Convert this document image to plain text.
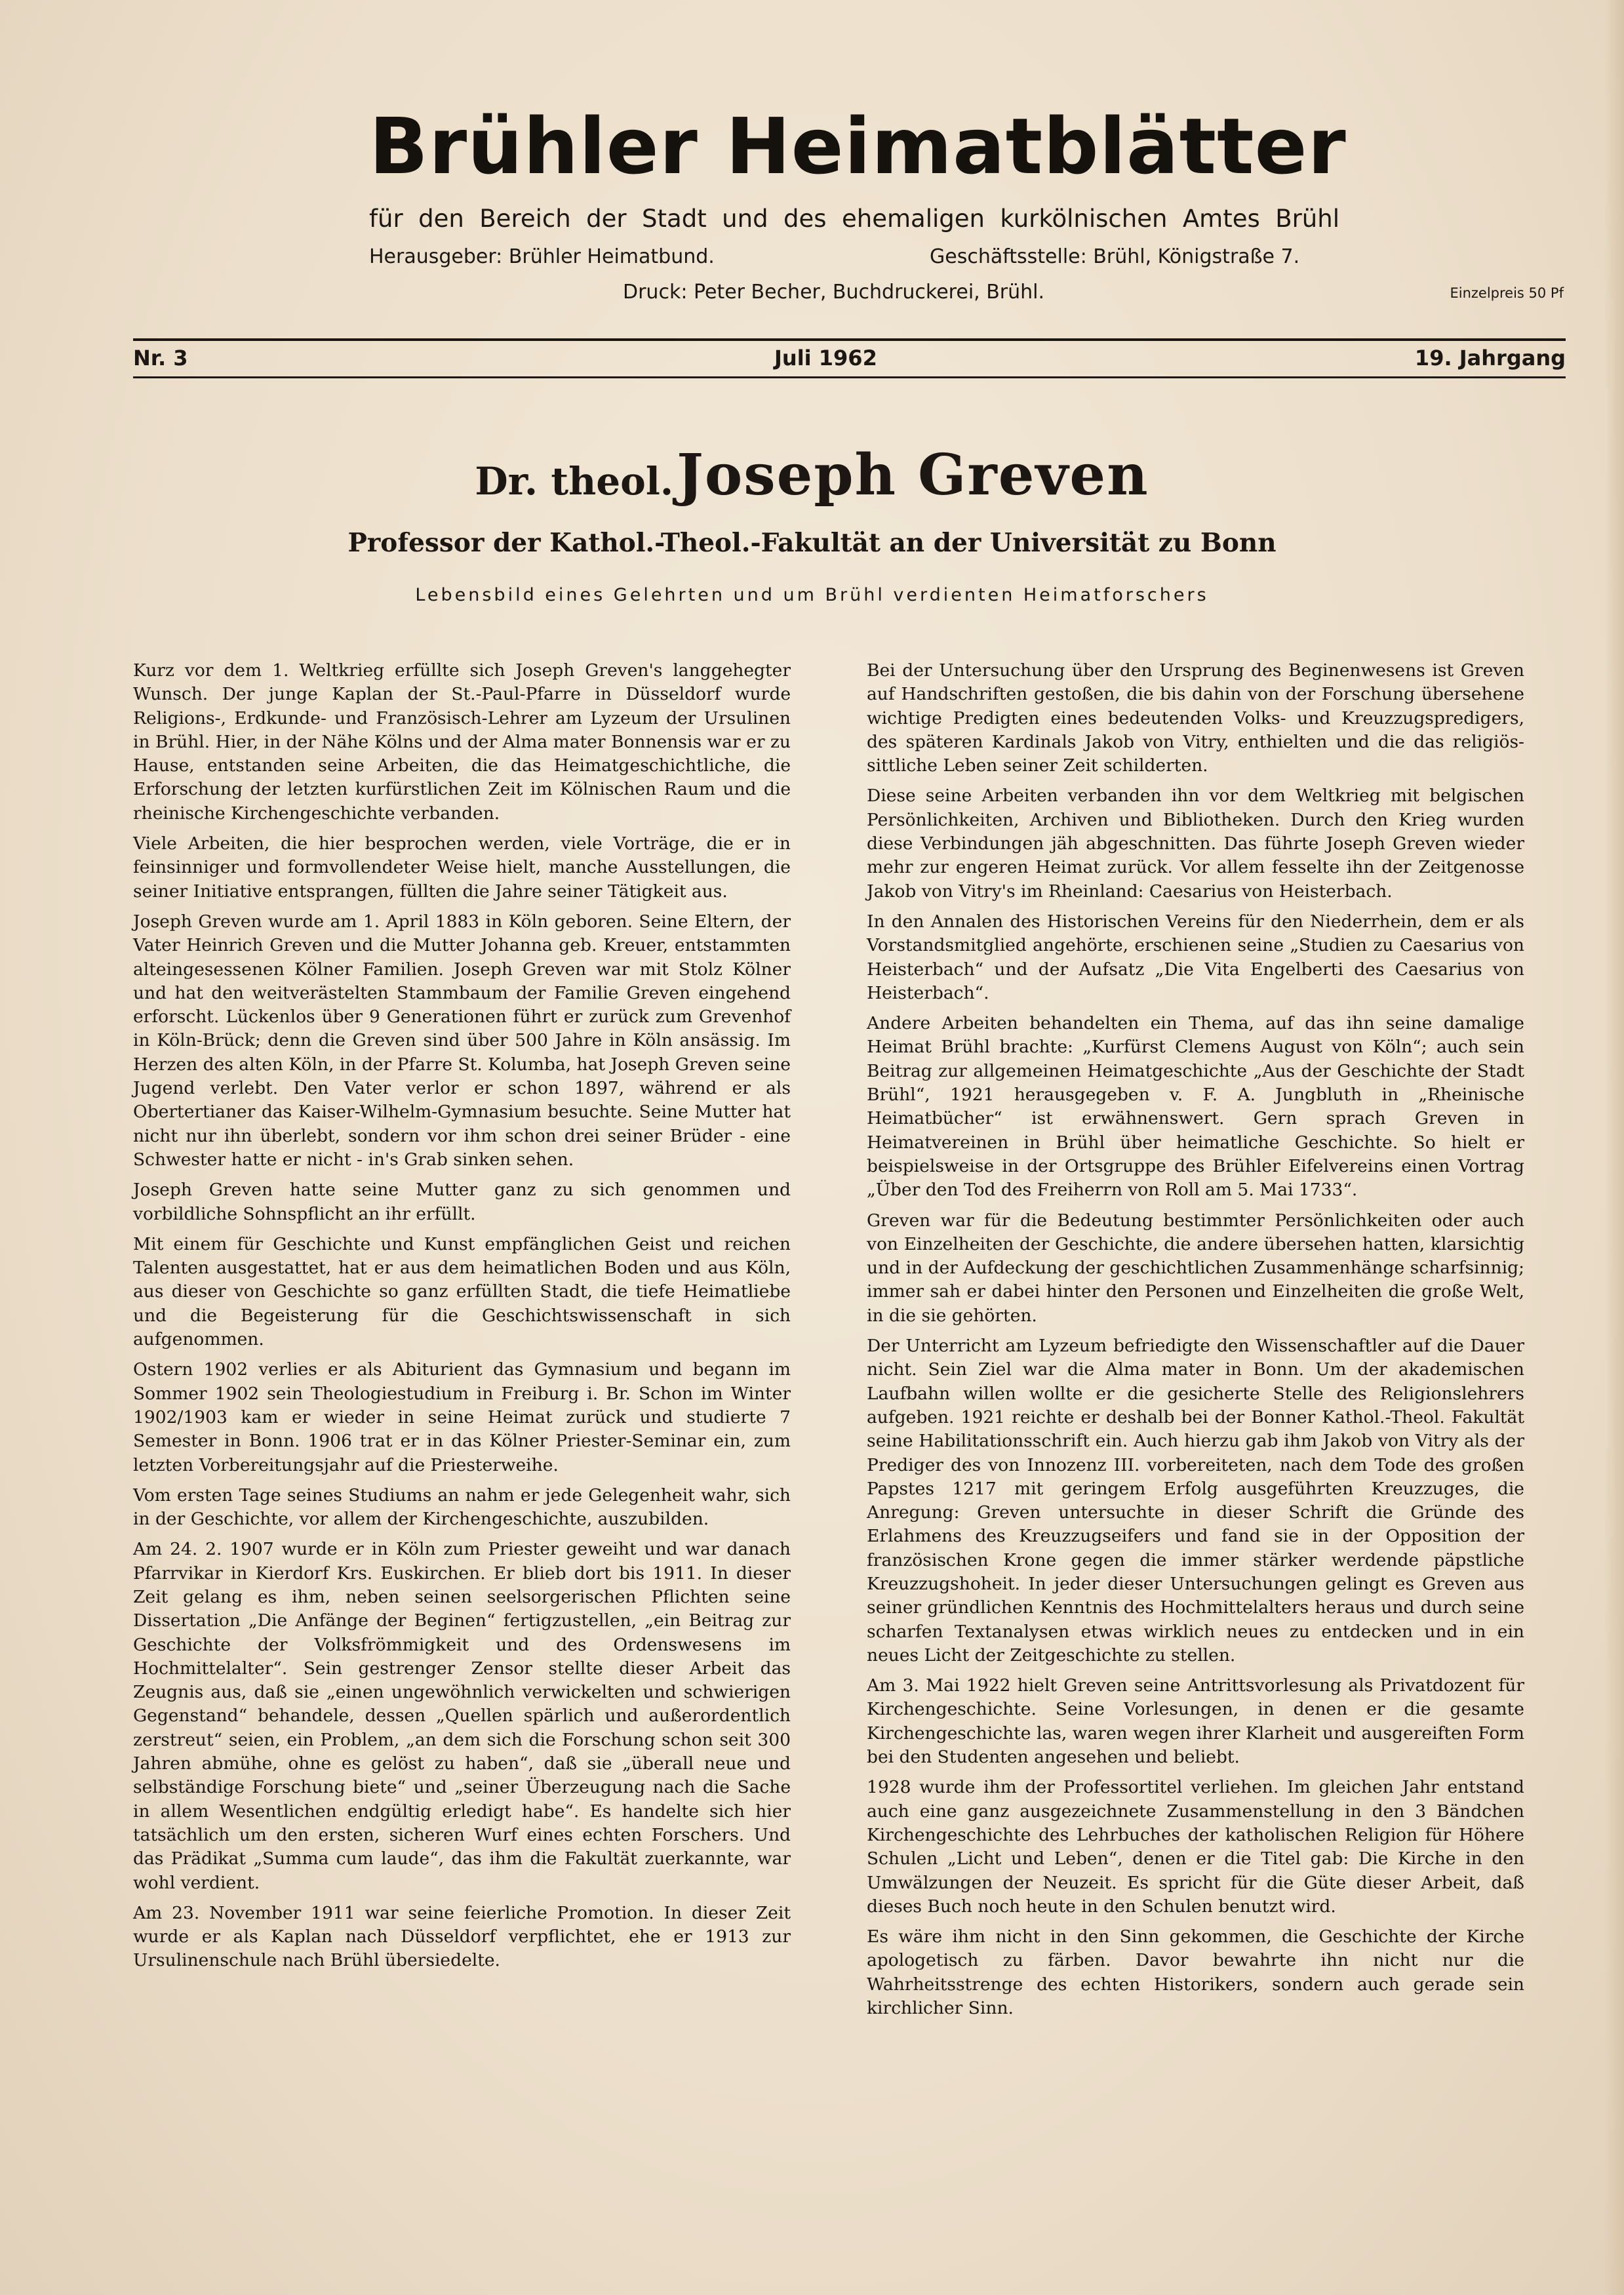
Brühler Heimatblätter
für den Bereich der Stadt und des ehemaligen kurkölnischen Amtes Brühl
Herausgeber: Brühler Heimatbund.	Geschäftsstelle: Brühl, Königstraße 7.
Druck: Peter Becher, Buchdruckerei, Brühl.	Einzelpreis 50 Pf
Nr. 3	Juli 1962	19. Jahrgang
Dr. theol. Joseph Greven
Professor der Kathol.-Theol.-Fakultät an der Universität zu Bonn
Lebensbild eines Gelehrten und um Brühl verdienten Heimatforschers

Kurz vor dem 1. Weltkrieg erfüllte sich Joseph Greven's langgehegter Wunsch. Der junge Kaplan der St.-Paul-Pfarre in Düsseldorf wurde Religions-, Erdkunde- und Französisch-Lehrer am Lyzeum der Ursulinen in Brühl. Hier, in der Nähe Kölns und der Alma mater Bonnensis war er zu Hause, entstanden seine Arbeiten, die das Heimatgeschichtliche, die Erforschung der letzten kurfürstlichen Zeit im Kölnischen Raum und die rheinische Kirchengeschichte verbanden.

Viele Arbeiten, die hier besprochen werden, viele Vorträge, die er in feinsinniger und formvollendeter Weise hielt, manche Ausstellungen, die seiner Initiative entsprangen, füllten die Jahre seiner Tätigkeit aus.

Joseph Greven wurde am 1. April 1883 in Köln geboren. Seine Eltern, der Vater Heinrich Greven und die Mutter Johanna geb. Kreuer, entstammten alteingesessenen Kölner Familien. Joseph Greven war mit Stolz Kölner und hat den weitverästelten Stammbaum der Familie Greven eingehend erforscht. Lückenlos über 9 Generationen führt er zurück zum Grevenhof in Köln-Brück; denn die Greven sind über 500 Jahre in Köln ansässig. Im Herzen des alten Köln, in der Pfarre St. Kolumba, hat Joseph Greven seine Jugend verlebt. Den Vater verlor er schon 1897, während er als Obertertianer das Kaiser-Wilhelm-Gymnasium besuchte. Seine Mutter hat nicht nur ihn überlebt, sondern vor ihm schon drei seiner Brüder - eine Schwester hatte er nicht - in's Grab sinken sehen.

Joseph Greven hatte seine Mutter ganz zu sich genommen und vorbildliche Sohnspflicht an ihr erfüllt.

Mit einem für Geschichte und Kunst empfänglichen Geist und reichen Talenten ausgestattet, hat er aus dem heimatlichen Boden und aus Köln, aus dieser von Geschichte so ganz erfüllten Stadt, die tiefe Heimatliebe und die Begeisterung für die Geschichtswissenschaft in sich aufgenommen.

Ostern 1902 verlies er als Abiturient das Gymnasium und begann im Sommer 1902 sein Theologiestudium in Freiburg i. Br. Schon im Winter 1902/1903 kam er wieder in seine Heimat zurück und studierte 7 Semester in Bonn. 1906 trat er in das Kölner Priester-Seminar ein, zum letzten Vorbereitungsjahr auf die Priesterweihe.

Vom ersten Tage seines Studiums an nahm er jede Gelegenheit wahr, sich in der Geschichte, vor allem der Kirchengeschichte, auszubilden.

Am 24. 2. 1907 wurde er in Köln zum Priester geweiht und war danach Pfarrvikar in Kierdorf Krs. Euskirchen. Er blieb dort bis 1911. In dieser Zeit gelang es ihm, neben seinen seelsorgerischen Pflichten seine Dissertation „Die Anfänge der Beginen“ fertigzustellen, „ein Beitrag zur Geschichte der Volksfrömmigkeit und des Ordenswesens im Hochmittelalter“. Sein gestrenger Zensor stellte dieser Arbeit das Zeugnis aus, daß sie „einen ungewöhnlich verwickelten und schwierigen Gegenstand“ behandele, dessen „Quellen spärlich und außerordentlich zerstreut“ seien, ein Problem, „an dem sich die Forschung schon seit 300 Jahren abmühe, ohne es gelöst zu haben“, daß sie „überall neue und selbständige Forschung biete“ und „seiner Überzeugung nach die Sache in allem Wesentlichen endgültig erledigt habe“. Es handelte sich hier tatsächlich um den ersten, sicheren Wurf eines echten Forschers. Und das Prädikat „Summa cum laude“, das ihm die Fakultät zuerkannte, war wohl verdient.

Am 23. November 1911 war seine feierliche Promotion. In dieser Zeit wurde er als Kaplan nach Düsseldorf verpflichtet, ehe er 1913 zur Ursulinenschule nach Brühl übersiedelte.

Bei der Untersuchung über den Ursprung des Beginenwesens ist Greven auf Handschriften gestoßen, die bis dahin von der Forschung übersehene wichtige Predigten eines bedeutenden Volks- und Kreuzzugspredigers, des späteren Kardinals Jakob von Vitry, enthielten und die das religiös-sittliche Leben seiner Zeit schilderten.

Diese seine Arbeiten verbanden ihn vor dem Weltkrieg mit belgischen Persönlichkeiten, Archiven und Bibliotheken. Durch den Krieg wurden diese Verbindungen jäh abgeschnitten. Das führte Joseph Greven wieder mehr zur engeren Heimat zurück. Vor allem fesselte ihn der Zeitgenosse Jakob von Vitry's im Rheinland: Caesarius von Heisterbach.

In den Annalen des Historischen Vereins für den Niederrhein, dem er als Vorstandsmitglied angehörte, erschienen seine „Studien zu Caesarius von Heisterbach“ und der Aufsatz „Die Vita Engelberti des Caesarius von Heisterbach“.

Andere Arbeiten behandelten ein Thema, auf das ihn seine damalige Heimat Brühl brachte: „Kurfürst Clemens August von Köln“; auch sein Beitrag zur allgemeinen Heimatgeschichte „Aus der Geschichte der Stadt Brühl“, 1921 herausgegeben v. F. A. Jungbluth in „Rheinische Heimatbücher“ ist erwähnenswert. Gern sprach Greven in Heimatvereinen in Brühl über heimatliche Geschichte. So hielt er beispielsweise in der Ortsgruppe des Brühler Eifelvereins einen Vortrag „Über den Tod des Freiherrn von Roll am 5. Mai 1733“.

Greven war für die Bedeutung bestimmter Persönlichkeiten oder auch von Einzelheiten der Geschichte, die andere übersehen hatten, klarsichtig und in der Aufdeckung der geschichtlichen Zusammenhänge scharfsinnig; immer sah er dabei hinter den Personen und Einzelheiten die große Welt, in die sie gehörten.

Der Unterricht am Lyzeum befriedigte den Wissenschaftler auf die Dauer nicht. Sein Ziel war die Alma mater in Bonn. Um der akademischen Laufbahn willen wollte er die gesicherte Stelle des Religionslehrers aufgeben. 1921 reichte er deshalb bei der Bonner Kathol.-Theol. Fakultät seine Habilitationsschrift ein. Auch hierzu gab ihm Jakob von Vitry als der Prediger des von Innozenz III. vorbereiteten, nach dem Tode des großen Papstes 1217 mit geringem Erfolg ausgeführten Kreuzzuges, die Anregung: Greven untersuchte in dieser Schrift die Gründe des Erlahmens des Kreuzzugseifers und fand sie in der Opposition der französischen Krone gegen die immer stärker werdende päpstliche Kreuzzugshoheit. In jeder dieser Untersuchungen gelingt es Greven aus seiner gründlichen Kenntnis des Hochmittelalters heraus und durch seine scharfen Textanalysen etwas wirklich neues zu entdecken und in ein neues Licht der Zeitgeschichte zu stellen.

Am 3. Mai 1922 hielt Greven seine Antrittsvorlesung als Privatdozent für Kirchengeschichte. Seine Vorlesungen, in denen er die gesamte Kirchengeschichte las, waren wegen ihrer Klarheit und ausgereiften Form bei den Studenten angesehen und beliebt.

1928 wurde ihm der Professortitel verliehen. Im gleichen Jahr entstand auch eine ganz ausgezeichnete Zusammenstellung in den 3 Bändchen Kirchengeschichte des Lehrbuches der katholischen Religion für Höhere Schulen „Licht und Leben“, denen er die Titel gab: Die Kirche in den Umwälzungen der Neuzeit. Es spricht für die Güte dieser Arbeit, daß dieses Buch noch heute in den Schulen benutzt wird.

Es wäre ihm nicht in den Sinn gekommen, die Geschichte der Kirche apologetisch zu färben. Davor bewahrte ihn nicht nur die Wahrheitsstrenge des echten Historikers, sondern auch gerade sein kirchlicher Sinn.
